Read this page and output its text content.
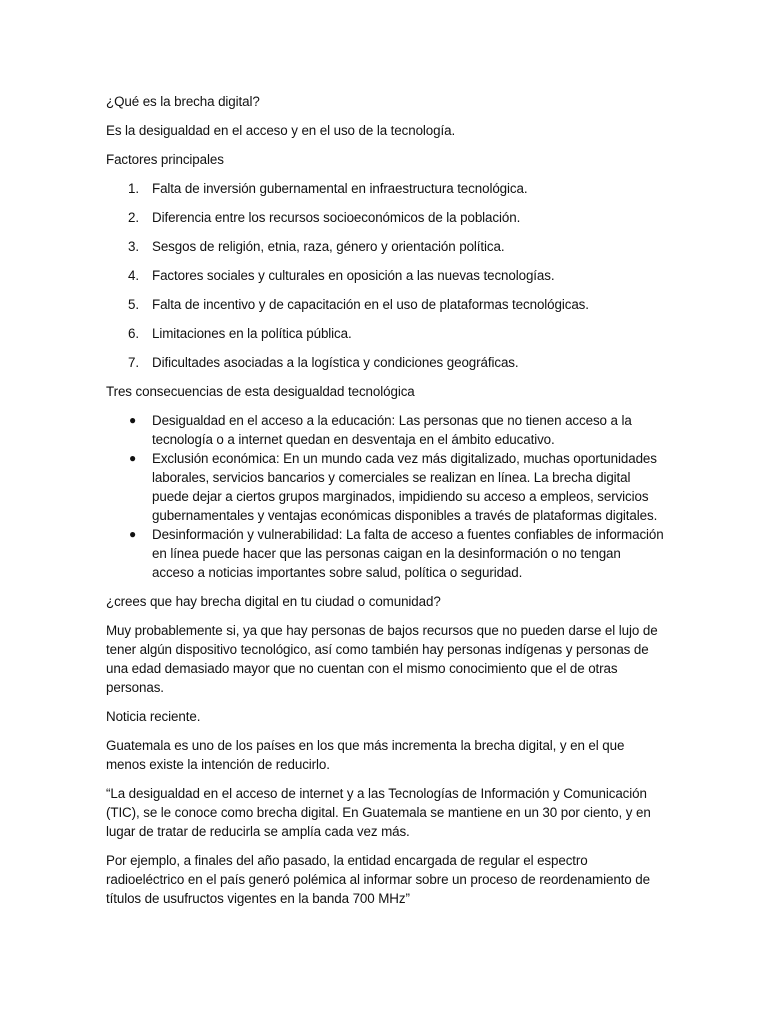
¿Qué es la brecha digital?

Es la desigualdad en el acceso y en el uso de la tecnología.

Factores principales

1. Falta de inversión gubernamental en infraestructura tecnológica.
2. Diferencia entre los recursos socioeconómicos de la población.
3. Sesgos de religión, etnia, raza, género y orientación política.
4. Factores sociales y culturales en oposición a las nuevas tecnologías.
5. Falta de incentivo y de capacitación en el uso de plataformas tecnológicas.
6. Limitaciones en la política pública.
7. Dificultades asociadas a la logística y condiciones geográficas.

Tres consecuencias de esta desigualdad tecnológica

● Desigualdad en el acceso a la educación: Las personas que no tienen acceso a la tecnología o a internet quedan en desventaja en el ámbito educativo.
● Exclusión económica: En un mundo cada vez más digitalizado, muchas oportunidades laborales, servicios bancarios y comerciales se realizan en línea. La brecha digital puede dejar a ciertos grupos marginados, impidiendo su acceso a empleos, servicios gubernamentales y ventajas económicas disponibles a través de plataformas digitales.
● Desinformación y vulnerabilidad: La falta de acceso a fuentes confiables de información en línea puede hacer que las personas caigan en la desinformación o no tengan acceso a noticias importantes sobre salud, política o seguridad.

¿crees que hay brecha digital en tu ciudad o comunidad?

Muy probablemente si, ya que hay personas de bajos recursos que no pueden darse el lujo de tener algún dispositivo tecnológico, así como también hay personas indígenas y personas de una edad demasiado mayor que no cuentan con el mismo conocimiento que el de otras personas.

Noticia reciente.

Guatemala es uno de los países en los que más incrementa la brecha digital, y en el que menos existe la intención de reducirlo.

“La desigualdad en el acceso de internet y a las Tecnologías de Información y Comunicación (TIC), se le conoce como brecha digital. En Guatemala se mantiene en un 30 por ciento, y en lugar de tratar de reducirla se amplía cada vez más.

Por ejemplo, a finales del año pasado, la entidad encargada de regular el espectro radioeléctrico en el país generó polémica al informar sobre un proceso de reordenamiento de títulos de usufructos vigentes en la banda 700 MHz”
